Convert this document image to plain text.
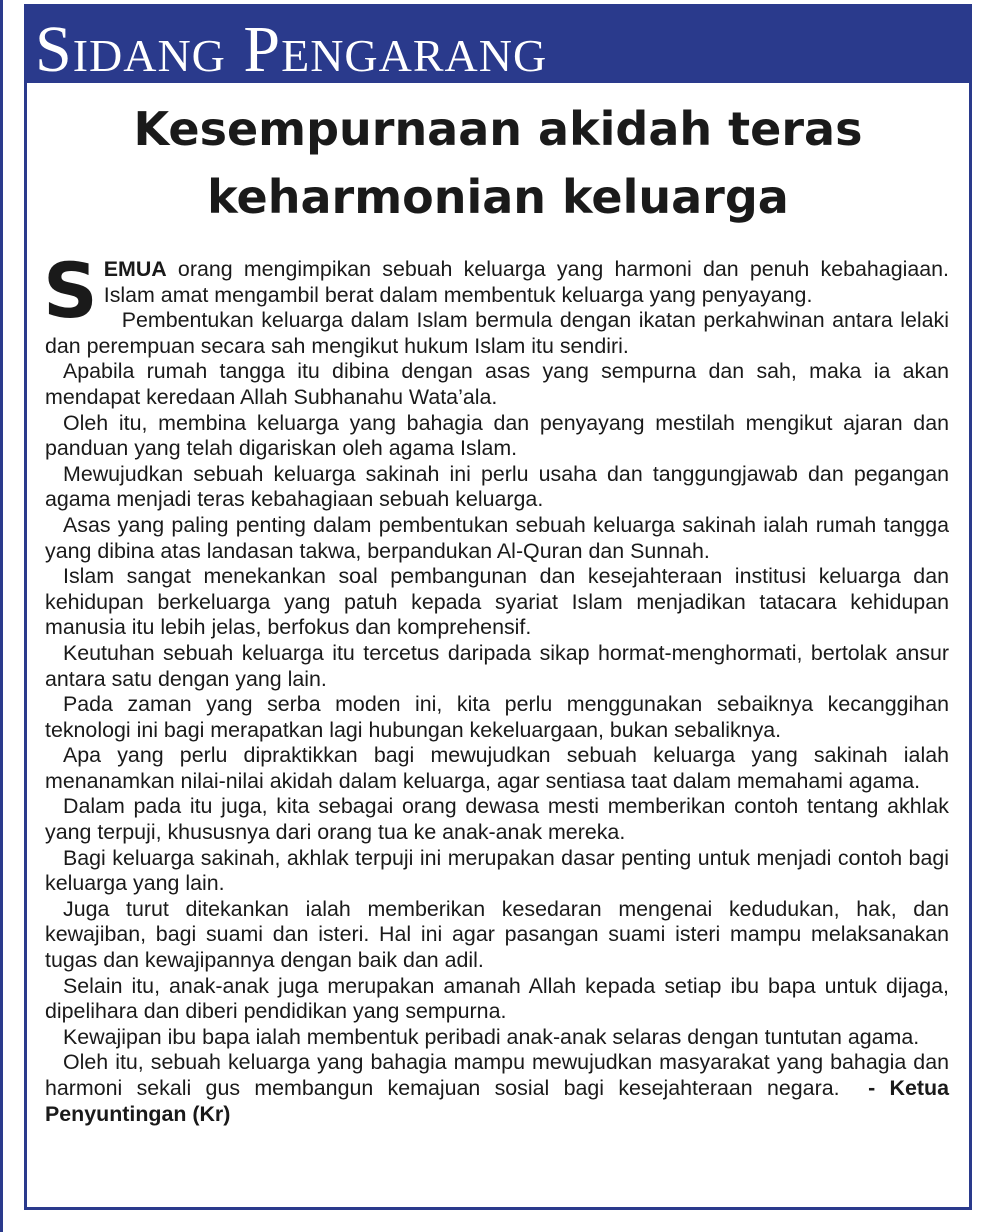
Sidang Pengarang
Kesempurnaan akidah teras
keharmonian keluarga

SEMUA orang mengimpikan sebuah keluarga yang harmoni dan penuh kebahagiaan. Islam amat mengambil berat dalam membentuk keluarga yang penyayang.

Pembentukan keluarga dalam Islam bermula dengan ikatan perkahwinan antara lelaki dan perempuan secara sah mengikut hukum Islam itu sendiri.

Apabila rumah tangga itu dibina dengan asas yang sempurna dan sah, maka ia akan mendapat keredaan Allah Subhanahu Wata’ala.

Oleh itu, membina keluarga yang bahagia dan penyayang mestilah mengikut ajaran dan panduan yang telah digariskan oleh agama Islam.

Mewujudkan sebuah keluarga sakinah ini perlu usaha dan tanggungjawab dan pegangan agama menjadi teras kebahagiaan sebuah keluarga.

Asas yang paling penting dalam pembentukan sebuah keluarga sakinah ialah rumah tangga yang dibina atas landasan takwa, berpandukan Al-Quran dan Sunnah.

Islam sangat menekankan soal pembangunan dan kesejahteraan institusi keluarga dan kehidupan berkeluarga yang patuh kepada syariat Islam menjadikan tatacara kehidupan manusia itu lebih jelas, berfokus dan komprehensif.

Keutuhan sebuah keluarga itu tercetus daripada sikap hormat-menghormati, bertolak ansur antara satu dengan yang lain.

Pada zaman yang serba moden ini, kita perlu menggunakan sebaiknya kecanggihan teknologi ini bagi merapatkan lagi hubungan kekeluargaan, bukan sebaliknya.

Apa yang perlu dipraktikkan bagi mewujudkan sebuah keluarga yang sakinah ialah menanamkan nilai-nilai akidah dalam keluarga, agar sentiasa taat dalam memahami agama.

Dalam pada itu juga, kita sebagai orang dewasa mesti memberikan contoh tentang akhlak yang terpuji, khususnya dari orang tua ke anak-anak mereka.

Bagi keluarga sakinah, akhlak terpuji ini merupakan dasar penting untuk menjadi contoh bagi keluarga yang lain.

Juga turut ditekankan ialah memberikan kesedaran mengenai kedudukan, hak, dan kewajiban, bagi suami dan isteri. Hal ini agar pasangan suami isteri mampu melaksanakan tugas dan kewajipannya dengan baik dan adil.

Selain itu, anak-anak juga merupakan amanah Allah kepada setiap ibu bapa untuk dijaga, dipelihara dan diberi pendidikan yang sempurna.

Kewajipan ibu bapa ialah membentuk peribadi anak-anak selaras dengan tuntutan agama.

Oleh itu, sebuah keluarga yang bahagia mampu mewujudkan masyarakat yang bahagia dan harmoni sekali gus membangun kemajuan sosial bagi kesejahteraan negara. - Ketua Penyuntingan (Kr)
